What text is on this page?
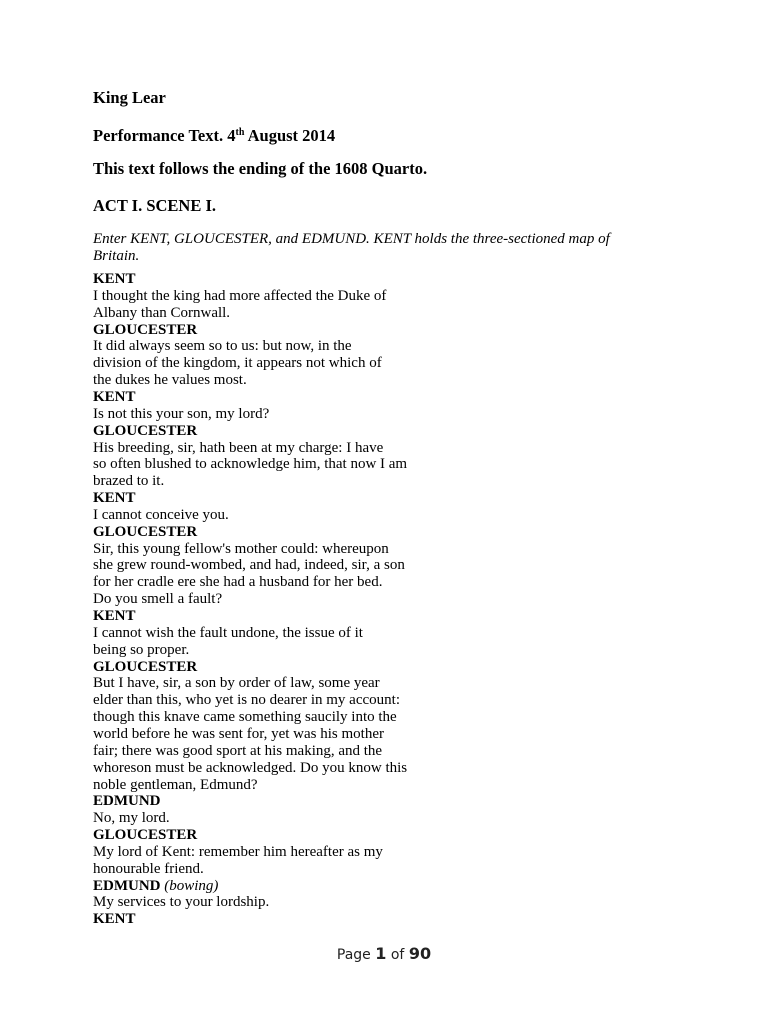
King Lear
Performance Text. 4th August 2014
This text follows the ending of the 1608 Quarto.
ACT I. SCENE I.
Enter KENT, GLOUCESTER, and EDMUND. KENT holds the three-sectioned map of
Britain.
KENT
I thought the king had more affected the Duke of
Albany than Cornwall.
GLOUCESTER
It did always seem so to us: but now, in the
division of the kingdom, it appears not which of
the dukes he values most.
KENT
Is not this your son, my lord?
GLOUCESTER
His breeding, sir, hath been at my charge: I have
so often blushed to acknowledge him, that now I am
brazed to it.
KENT
I cannot conceive you.
GLOUCESTER
Sir, this young fellow's mother could: whereupon
she grew round-wombed, and had, indeed, sir, a son
for her cradle ere she had a husband for her bed.
Do you smell a fault?
KENT
I cannot wish the fault undone, the issue of it
being so proper.
GLOUCESTER
But I have, sir, a son by order of law, some year
elder than this, who yet is no dearer in my account:
though this knave came something saucily into the
world before he was sent for, yet was his mother
fair; there was good sport at his making, and the
whoreson must be acknowledged. Do you know this
noble gentleman, Edmund?
EDMUND
No, my lord.
GLOUCESTER
My lord of Kent: remember him hereafter as my
honourable friend.
EDMUND (bowing)
My services to your lordship.
KENT
Page 1 of 90
